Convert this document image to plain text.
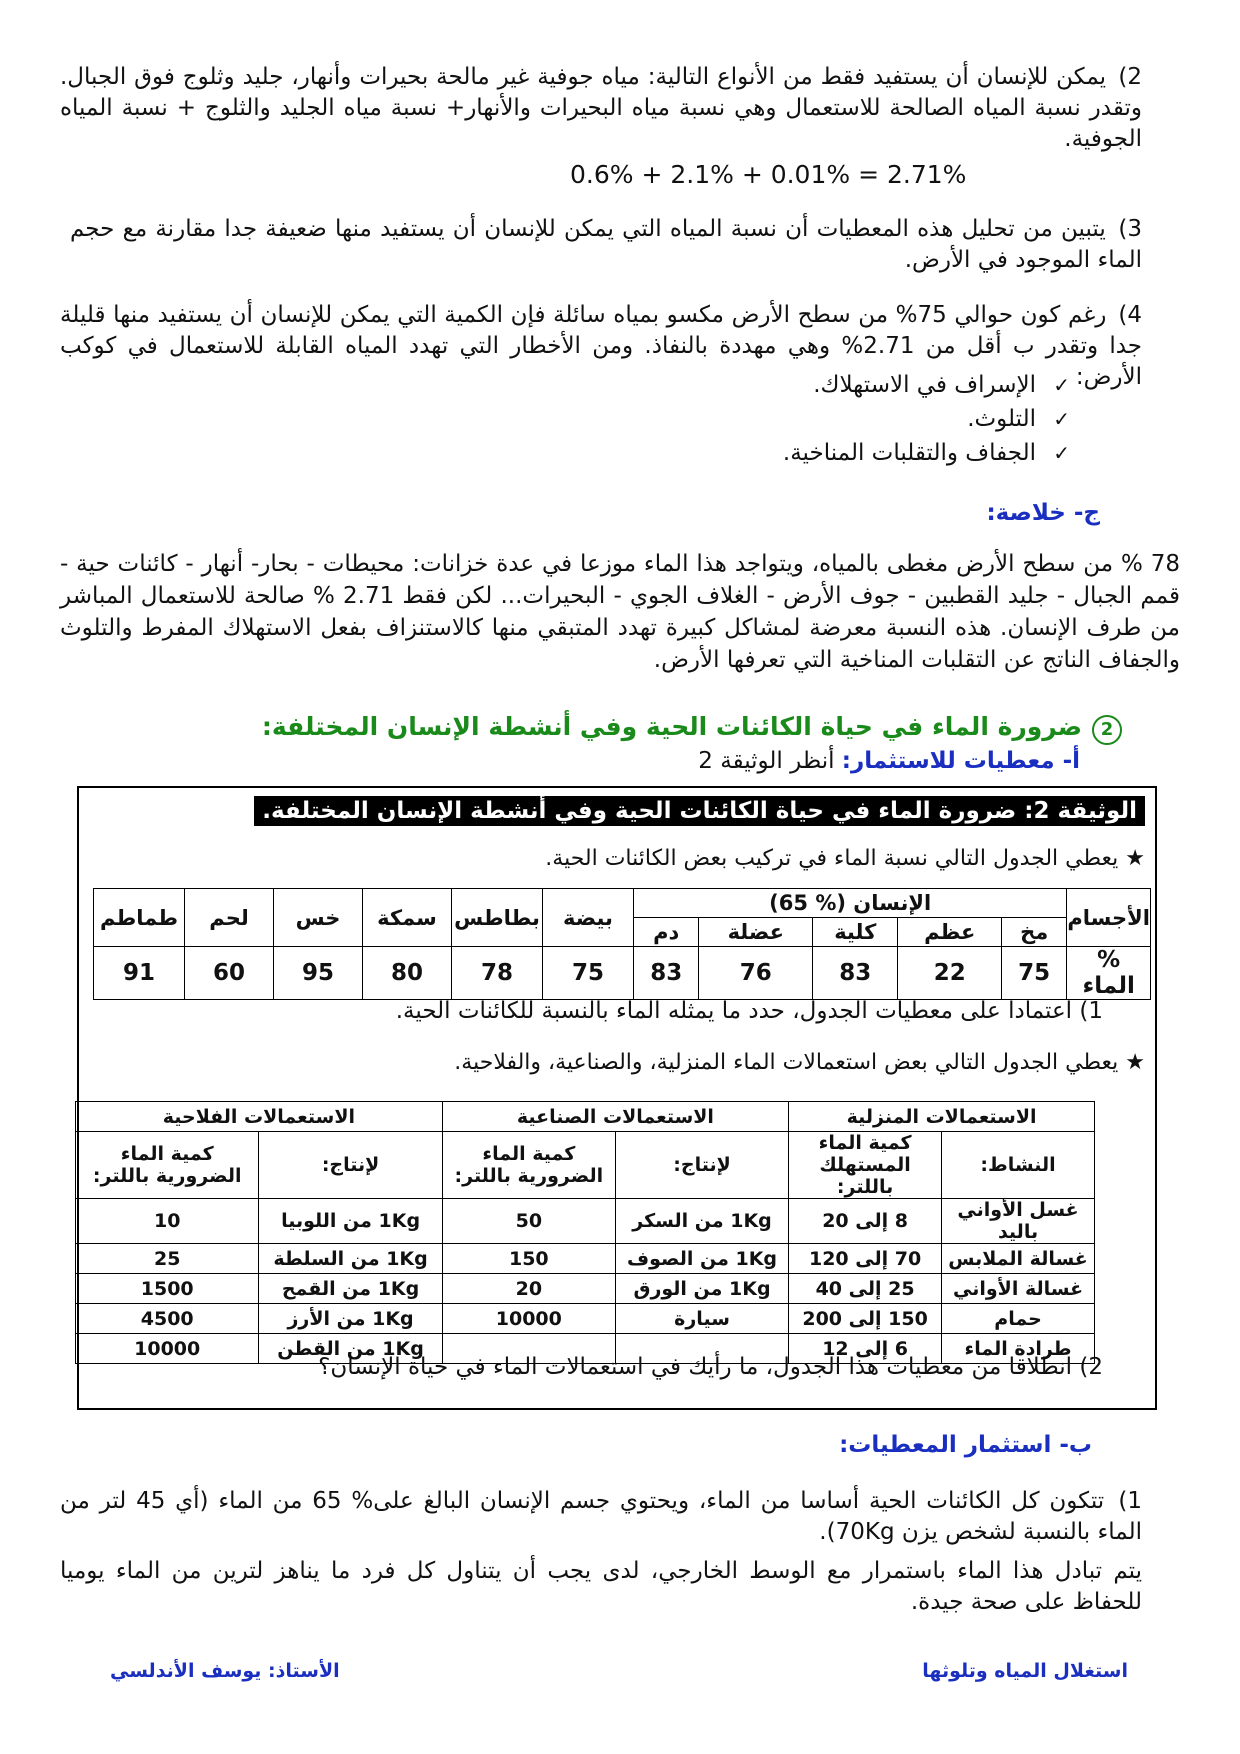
2) يمكن للإنسان أن يستفيد فقط من الأنواع التالية: مياه جوفية غير مالحة بحيرات وأنهار، جليد وثلوج فوق الجبال. وتقدر نسبة المياه الصالحة للاستعمال وهي نسبة مياه البحيرات والأنهار+ نسبة مياه الجليد والثلوج + نسبة المياه الجوفية.
0.6% + 2.1% + 0.01% = 2.71%
3) يتبين من تحليل هذه المعطيات أن نسبة المياه التي يمكن للإنسان أن يستفيد منها ضعيفة جدا مقارنة مع حجم الماء الموجود في الأرض.
4) رغم كون حوالي 75% من سطح الأرض مكسو بمياه سائلة فإن الكمية التي يمكن للإنسان أن يستفيد منها قليلة جدا وتقدر ب أقل من 2.71% وهي مهددة بالنفاذ. ومن الأخطار التي تهدد المياه القابلة للاستعمال في كوكب الأرض:
✓ الإسراف في الاستهلاك.
✓ التلوث.
✓ الجفاف والتقلبات المناخية.
ج- خلاصة:
78 % من سطح الأرض مغطى بالمياه، ويتواجد هذا الماء موزعا في عدة خزانات: محيطات - بحار- أنهار - كائنات حية - قمم الجبال - جليد القطبين - جوف الأرض - الغلاف الجوي - البحيرات... لكن فقط 2.71 % صالحة للاستعمال المباشر من طرف الإنسان. هذه النسبة معرضة لمشاكل كبيرة تهدد المتبقي منها كالاستنزاف بفعل الاستهلاك المفرط والتلوث والجفاف الناتج عن التقلبات المناخية التي تعرفها الأرض.
2ضرورة الماء في حياة الكائنات الحية وفي أنشطة الإنسان المختلفة:
أ- معطيات للاستثمار: أنظر الوثيقة 2
الوثيقة 2: ضرورة الماء في حياة الكائنات الحية وفي أنشطة الإنسان المختلفة.
★ يعطي الجدول التالي نسبة الماء في تركيب بعض الكائنات الحية.
الأجسام	الإنسان (% 65)					بيضة	بطاطس	سمكة	خس	لحم	طماطم
	مخ	عظم	كلية	عضلة	دم						
% الماء	75	22	83	76	83	75	78	80	95	60	91
1) اعتمادا على معطيات الجدول، حدد ما يمثله الماء بالنسبة للكائنات الحية.
★ يعطي الجدول التالي بعض استعمالات الماء المنزلية، والصناعية، والفلاحية.
الاستعمالات المنزلية		الاستعمالات الصناعية		الاستعمالات الفلاحية	
النشاط:	كمية الماء المستهلك باللتر:	لإنتاج:	كمية الماء الضرورية باللتر:	لإنتاج:	كمية الماء الضرورية باللتر:
غسل الأواني باليد	8 إلى 20	1Kg من السكر	50	1Kg من اللوبيا	10
غسالة الملابس	70 إلى 120	1Kg من الصوف	150	1Kg من السلطة	25
غسالة الأواني	25 إلى 40	1Kg من الورق	20	1Kg من القمح	1500
حمام	150 إلى 200	سيارة	10000	1Kg من الأرز	4500
طرادة الماء	6 إلى 12			1Kg من القطن	10000
2) انطلاقا من معطيات هذا الجدول، ما رأيك في استعمالات الماء في حياة الإنسان؟
ب- استثمار المعطيات:
1) تتكون كل الكائنات الحية أساسا من الماء، ويحتوي جسم الإنسان البالغ على% 65 من الماء (أي 45 لتر من الماء بالنسبة لشخص يزن 70Kg).
يتم تبادل هذا الماء باستمرار مع الوسط الخارجي، لدى يجب أن يتناول كل فرد ما يناهز لترين من الماء يوميا للحفاظ على صحة جيدة.
استغلال المياه وتلوثها
الأستاذ: يوسف الأندلسي
